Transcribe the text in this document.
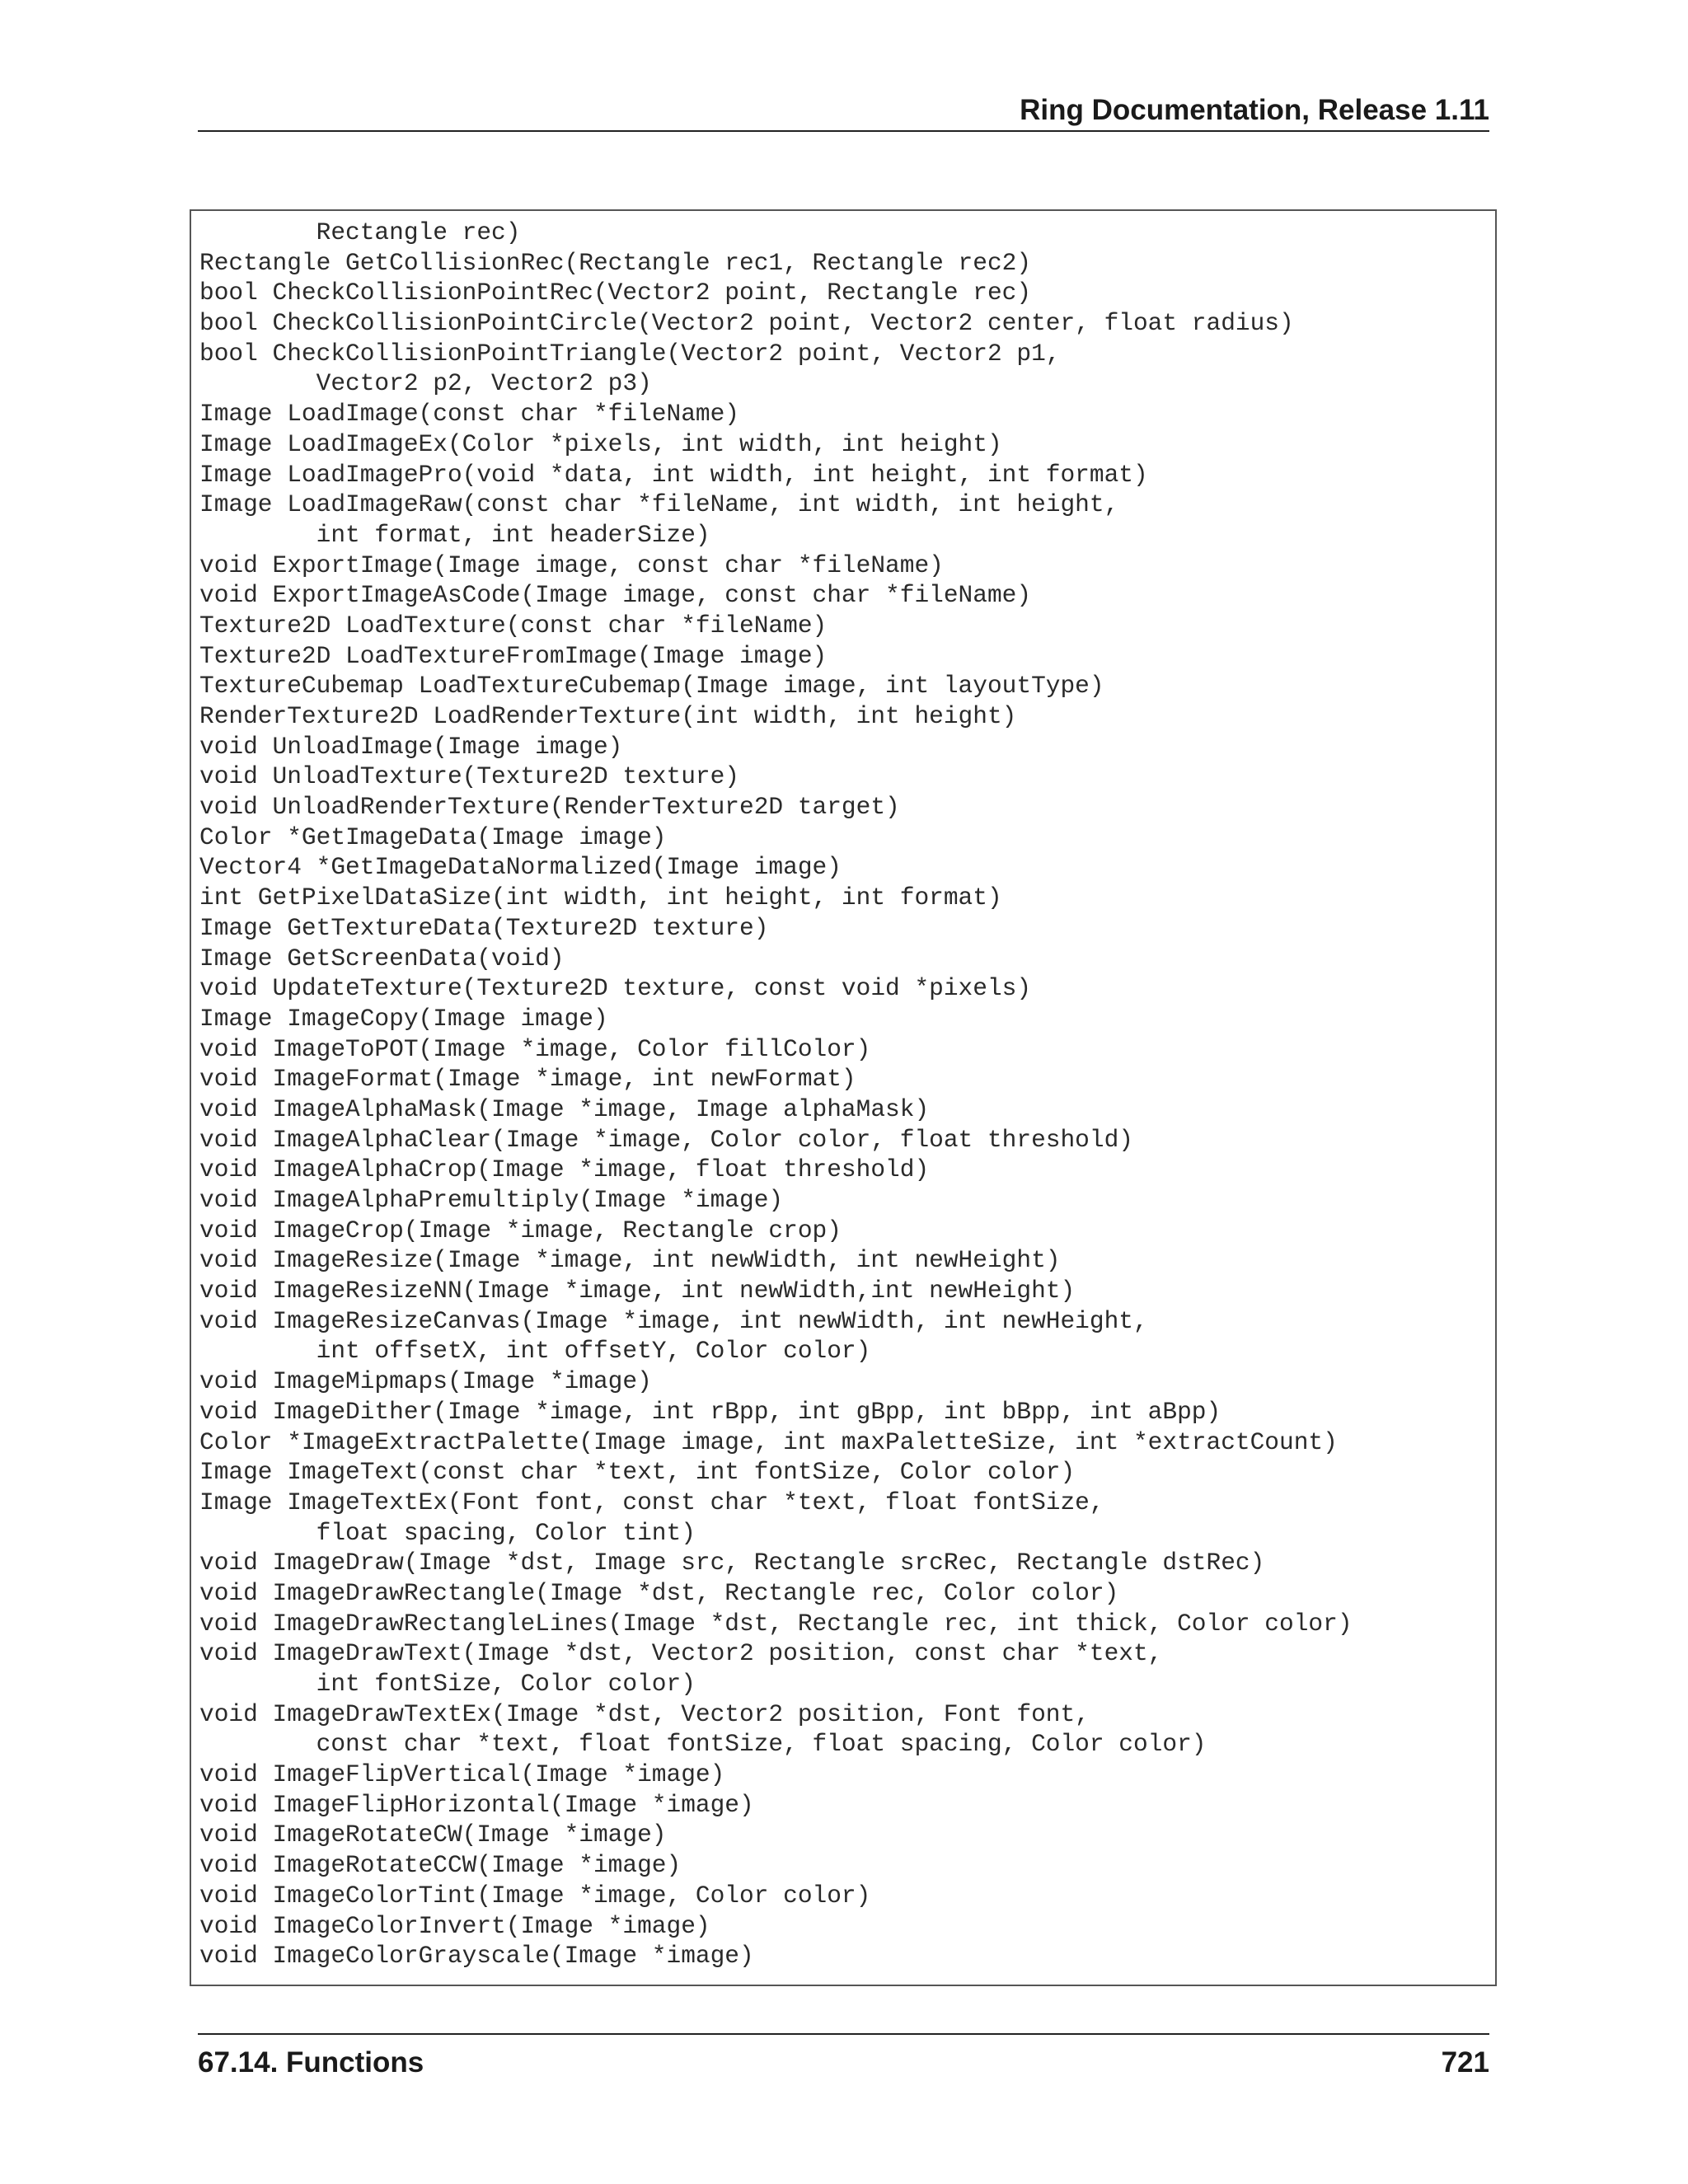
Ring Documentation, Release 1.11
Rectangle rec)
Rectangle GetCollisionRec(Rectangle rec1, Rectangle rec2)
bool CheckCollisionPointRec(Vector2 point, Rectangle rec)
bool CheckCollisionPointCircle(Vector2 point, Vector2 center, float radius)
bool CheckCollisionPointTriangle(Vector2 point, Vector2 p1,
Vector2 p2, Vector2 p3)
Image LoadImage(const char *fileName)
Image LoadImageEx(Color *pixels, int width, int height)
Image LoadImagePro(void *data, int width, int height, int format)
Image LoadImageRaw(const char *fileName, int width, int height,
int format, int headerSize)
void ExportImage(Image image, const char *fileName)
void ExportImageAsCode(Image image, const char *fileName)
Texture2D LoadTexture(const char *fileName)
Texture2D LoadTextureFromImage(Image image)
TextureCubemap LoadTextureCubemap(Image image, int layoutType)
RenderTexture2D LoadRenderTexture(int width, int height)
void UnloadImage(Image image)
void UnloadTexture(Texture2D texture)
void UnloadRenderTexture(RenderTexture2D target)
Color *GetImageData(Image image)
Vector4 *GetImageDataNormalized(Image image)
int GetPixelDataSize(int width, int height, int format)
Image GetTextureData(Texture2D texture)
Image GetScreenData(void)
void UpdateTexture(Texture2D texture, const void *pixels)
Image ImageCopy(Image image)
void ImageToPOT(Image *image, Color fillColor)
void ImageFormat(Image *image, int newFormat)
void ImageAlphaMask(Image *image, Image alphaMask)
void ImageAlphaClear(Image *image, Color color, float threshold)
void ImageAlphaCrop(Image *image, float threshold)
void ImageAlphaPremultiply(Image *image)
void ImageCrop(Image *image, Rectangle crop)
void ImageResize(Image *image, int newWidth, int newHeight)
void ImageResizeNN(Image *image, int newWidth,int newHeight)
void ImageResizeCanvas(Image *image, int newWidth, int newHeight,
int offsetX, int offsetY, Color color)
void ImageMipmaps(Image *image)
void ImageDither(Image *image, int rBpp, int gBpp, int bBpp, int aBpp)
Color *ImageExtractPalette(Image image, int maxPaletteSize, int *extractCount)
Image ImageText(const char *text, int fontSize, Color color)
Image ImageTextEx(Font font, const char *text, float fontSize,
float spacing, Color tint)
void ImageDraw(Image *dst, Image src, Rectangle srcRec, Rectangle dstRec)
void ImageDrawRectangle(Image *dst, Rectangle rec, Color color)
void ImageDrawRectangleLines(Image *dst, Rectangle rec, int thick, Color color)
void ImageDrawText(Image *dst, Vector2 position, const char *text,
int fontSize, Color color)
void ImageDrawTextEx(Image *dst, Vector2 position, Font font,
const char *text, float fontSize, float spacing, Color color)
void ImageFlipVertical(Image *image)
void ImageFlipHorizontal(Image *image)
void ImageRotateCW(Image *image)
void ImageRotateCCW(Image *image)
void ImageColorTint(Image *image, Color color)
void ImageColorInvert(Image *image)
void ImageColorGrayscale(Image *image)
67.14. Functions	721
